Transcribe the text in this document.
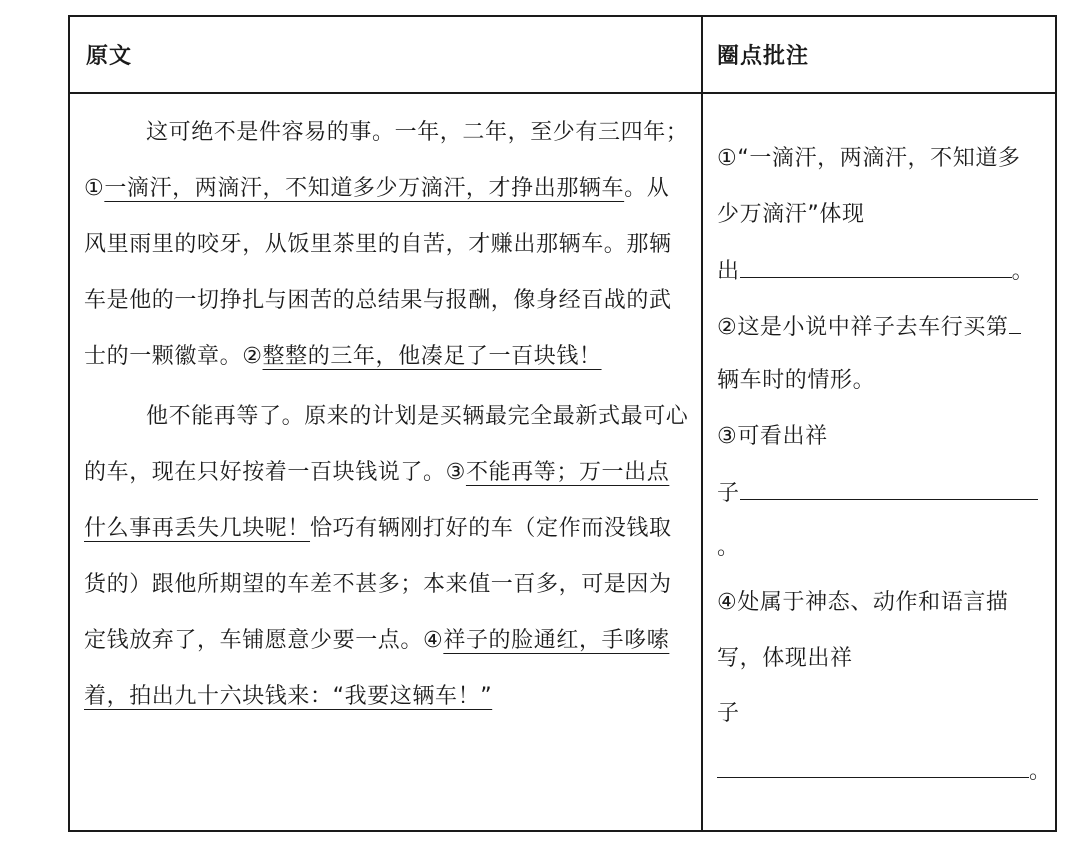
原文	圈点批注

这可绝不是件容易的事。一年，二年，至少有三四年；①一滴汗，两滴汗，不知道多少万滴汗，才挣出那辆车。从风里雨里的咬牙，从饭里茶里的自苦，才赚出那辆车。那辆车是他的一切挣扎与困苦的总结果与报酬，像身经百战的武士的一颗徽章。②整整的三年，他凑足了一百块钱！

他不能再等了。原来的计划是买辆最完全最新式最可心的车，现在只好按着一百块钱说了。③不能再等；万一出点什么事再丢失几块呢！恰巧有辆刚打好的车（定作而没钱取货的）跟他所期望的车差不甚多；本来值一百多，可是因为定钱放弃了，车铺愿意少要一点。④祥子的脸通红，手哆嗦着，拍出九十六块钱来：“我要这辆车！”

①“一滴汗，两滴汗，不知道多
少万滴汗”体现
出	。
②这是小说中祥子去车行买第
辆车时的情形。
③可看出祥
子
。
④处属于神态、动作和语言描
写，体现出祥
子
。
